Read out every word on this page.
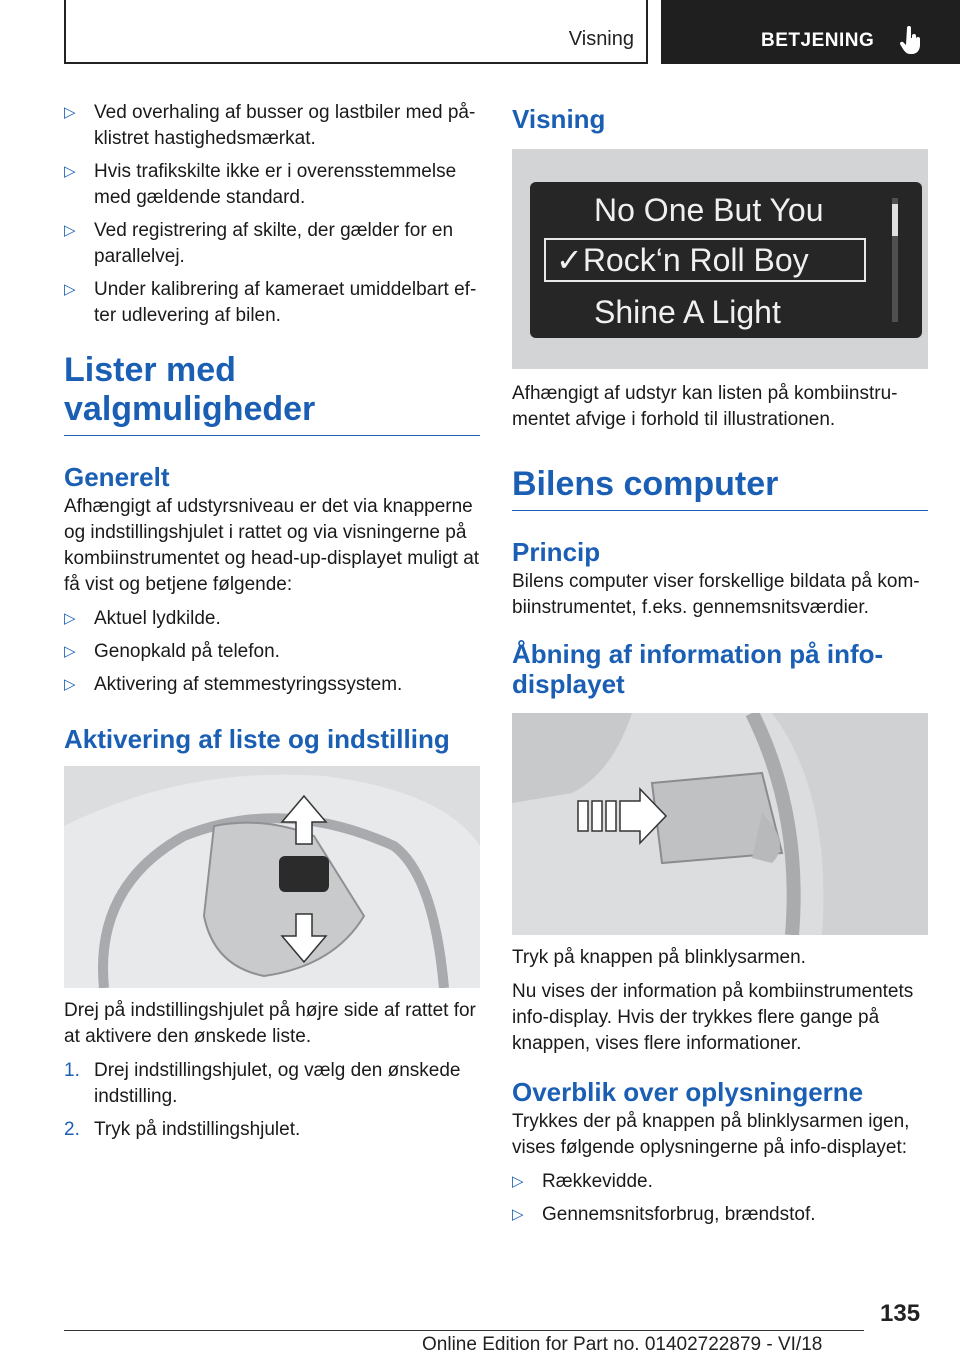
Visning	BETJENING
▷ Ved overhaling af busser og lastbiler med på- klistret hastighedsmærkat.
▷ Hvis trafikskilte ikke er i overensstemmelse med gældende standard.
▷ Ved registrering af skilte, der gælder for en parallelvej.
▷ Under kalibrering af kameraet umiddelbart ef- ter udlevering af bilen.
Lister med valgmuligheder
Generelt

Afhængigt af udstyrsniveau er det via knapperne og indstillingshjulet i rattet og via visningerne på kombiinstrumentet og head-up-displayet muligt at få vist og betjene følgende:

▷ Aktuel lydkilde.
▷ Genopkald på telefon.
▷ Aktivering af stemmestyringssystem.
Aktivering af liste og indstilling

Drej på indstillingshjulet på højre side af rattet for at aktivere den ønskede liste.

1. Drej indstillingshjulet, og vælg den ønskede indstilling.
2. Tryk på indstillingshjulet.
Visning
No One But You
✓Rock‘n Roll Boy
Shine A Light

Afhængigt af udstyr kan listen på kombiinstru- mentet afvige i forhold til illustrationen.

Bilens computer
Princip

Bilens computer viser forskellige bildata på kom- biinstrumentet, f.eks. gennemsnitsværdier.

Åbning af information på info- displayet

Tryk på knappen på blinklysarmen.

Nu vises der information på kombiinstrumentets info-display. Hvis der trykkes flere gange på knappen, vises flere informationer.

Overblik over oplysningerne

Trykkes der på knappen på blinklysarmen igen, vises følgende oplysningerne på info-displayet:

▷ Rækkevidde.
▷ Gennemsnitsforbrug, brændstof.
135
Online Edition for Part no. 01402722879 - VI/18
